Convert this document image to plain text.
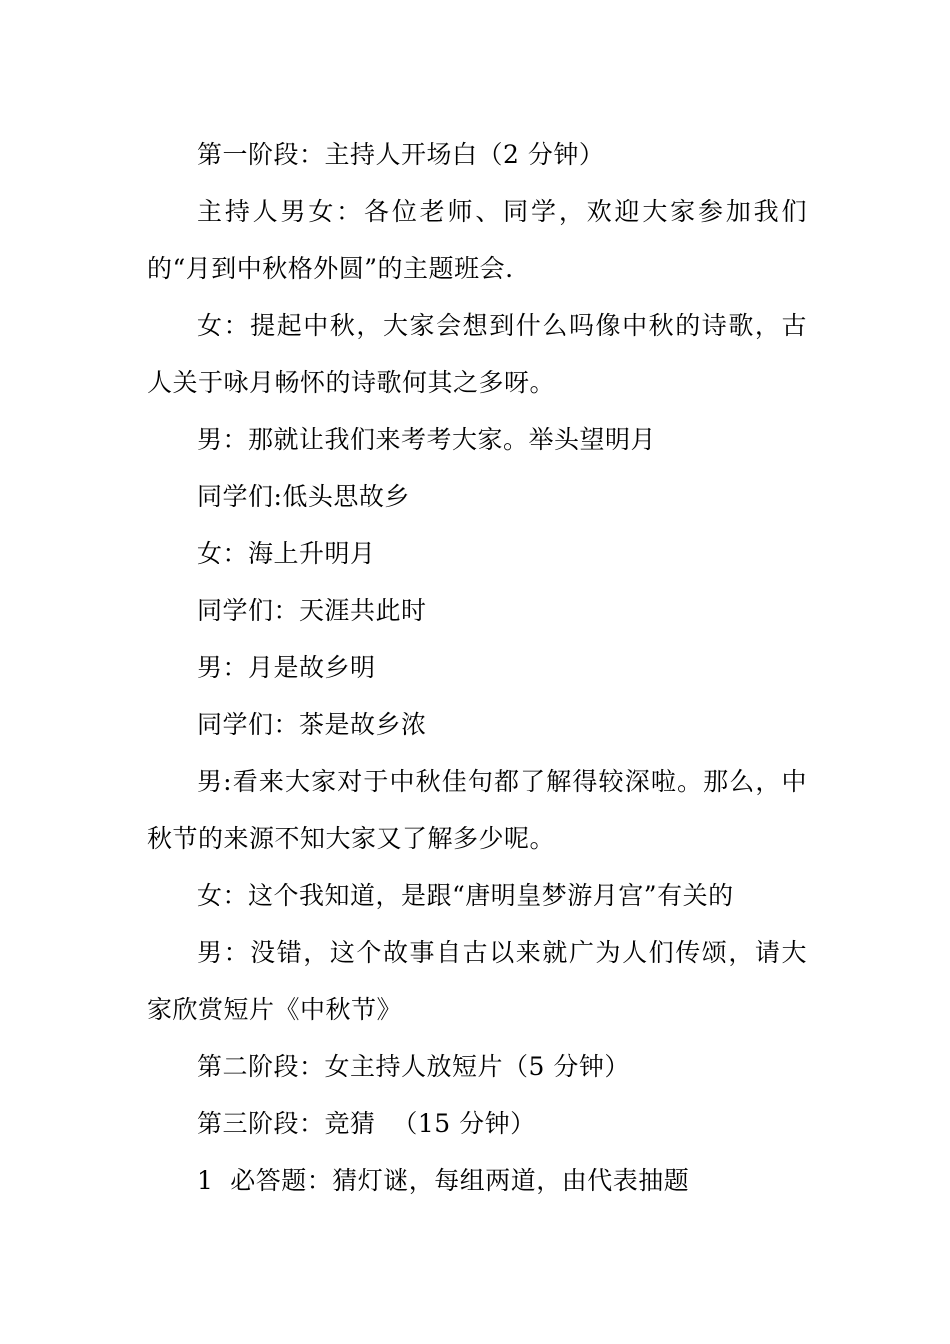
第一阶段：主持人开场白（2 分钟）

主持人男女：各位老师、同学，欢迎大家参加我们的“月到中秋格外圆”的主题班会.

女：提起中秋，大家会想到什么吗像中秋的诗歌，古人关于咏月畅怀的诗歌何其之多呀。

男：那就让我们来考考大家。举头望明月

同学们:低头思故乡

女：海上升明月

同学们：天涯共此时

男：月是故乡明

同学们：茶是故乡浓

男:看来大家对于中秋佳句都了解得较深啦。那么，中秋节的来源不知大家又了解多少呢。

女：这个我知道，是跟“唐明皇梦游月宫”有关的

男：没错，这个故事自古以来就广为人们传颂，请大家欣赏短片《中秋节》

第二阶段：女主持人放短片（5 分钟）

第三阶段：竞猜  （15 分钟）

1  必答题：猜灯谜，每组两道，由代表抽题
